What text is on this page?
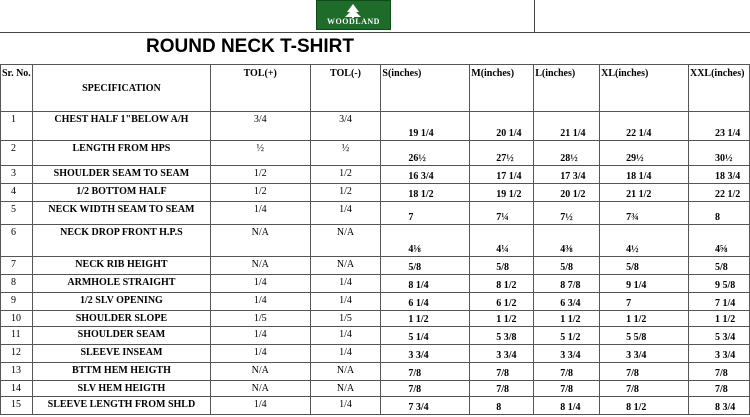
WOODLAND
ROUND NECK T-SHIRT
Sr. No.	SPECIFICATION	TOL(+)	TOL(-)	S(inches)	M(inches)	L(inches)	XL(inches)	XXL(inches)
1	CHEST HALF 1"BELOW A/H	3/4	3/4	19 1/4	20 1/4	21 1/4	22 1/4	23 1/4
2	LENGTH FROM HPS	½	½	26½	27½	28½	29½	30½
3	SHOULDER SEAM TO SEAM	1/2	1/2	16 3/4	17 1/4	17 3/4	18 1/4	18 3/4
4	1/2 BOTTOM HALF	1/2	1/2	18 1/2	19 1/2	20 1/2	21 1/2	22 1/2
5	NECK WIDTH SEAM TO SEAM	1/4	1/4	7	7¼	7½	7¾	8
6	NECK DROP FRONT H.P.S	N/A	N/A	4⅛	4¼	4⅜	4½	4⅝
7	NECK RIB HEIGHT	N/A	N/A	5/8	5/8	5/8	5/8	5/8
8	ARMHOLE STRAIGHT	1/4	1/4	8 1/4	8 1/2	8 7/8	9 1/4	9 5/8
9	1/2 SLV OPENING	1/4	1/4	6 1/4	6 1/2	6 3/4	7	7 1/4
10	SHOULDER SLOPE	1/5	1/5	1 1/2	1 1/2	1 1/2	1 1/2	1 1/2
11	SHOULDER SEAM	1/4	1/4	5 1/4	5 3/8	5 1/2	5 5/8	5 3/4
12	SLEEVE INSEAM	1/4	1/4	3 3/4	3 3/4	3 3/4	3 3/4	3 3/4
13	BTTM HEM HEIGTH	N/A	N/A	7/8	7/8	7/8	7/8	7/8
14	SLV HEM HEIGTH	N/A	N/A	7/8	7/8	7/8	7/8	7/8
15	SLEEVE LENGTH FROM SHLD	1/4	1/4	7 3/4	8	8 1/4	8 1/2	8 3/4
